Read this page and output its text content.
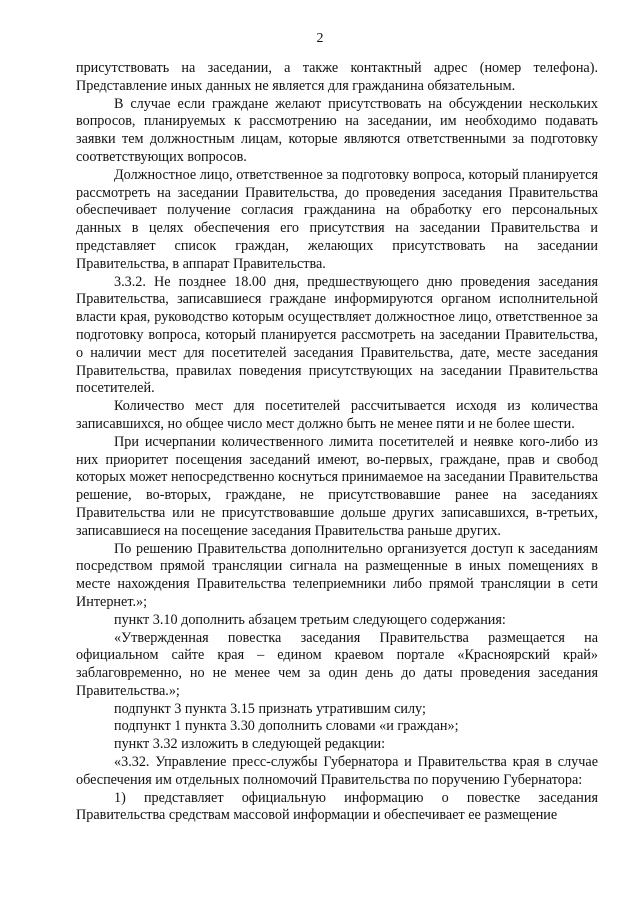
2

присутствовать на заседании, а также контактный адрес (номер телефона). Представление иных данных не является для гражданина обязательным.

В случае если граждане желают присутствовать на обсуждении нескольких вопросов, планируемых к рассмотрению на заседании, им необходимо подавать заявки тем должностным лицам, которые являются ответственными за подготовку соответствующих вопросов.

Должностное лицо, ответственное за подготовку вопроса, который планируется рассмотреть на заседании Правительства, до проведения заседания Правительства обеспечивает получение согласия гражданина на обработку его персональных данных в целях обеспечения его присутствия на заседании Правительства и представляет список граждан, желающих присутствовать на заседании Правительства, в аппарат Правительства.

3.3.2. Не позднее 18.00 дня, предшествующего дню проведения заседания Правительства, записавшиеся граждане информируются органом исполнительной власти края, руководство которым осуществляет должностное лицо, ответственное за подготовку вопроса, который планируется рассмотреть на заседании Правительства, о наличии мест для посетителей заседания Правительства, дате, месте заседания Правительства, правилах поведения присутствующих на заседании Правительства посетителей.

Количество мест для посетителей рассчитывается исходя из количества записавшихся, но общее число мест должно быть не менее пяти и не более шести.

При исчерпании количественного лимита посетителей и неявке кого-либо из них приоритет посещения заседаний имеют, во-первых, граждане, прав и свобод которых может непосредственно коснуться принимаемое на заседании Правительства решение, во-вторых, граждане, не присутствовавшие ранее на заседаниях Правительства или не присутствовавшие дольше других записавшихся, в-третьих, записавшиеся на посещение заседания Правительства раньше других.

По решению Правительства дополнительно организуется доступ к заседаниям посредством прямой трансляции сигнала на размещенные в иных помещениях в месте нахождения Правительства телеприемники либо прямой трансляции в сети Интернет.»;

пункт 3.10 дополнить абзацем третьим следующего содержания:

«Утвержденная повестка заседания Правительства размещается на официальном сайте края – едином краевом портале «Красноярский край» заблаговременно, но не менее чем за один день до даты проведения заседания Правительства.»;

подпункт 3 пункта 3.15 признать утратившим силу;

подпункт 1 пункта 3.30 дополнить словами «и граждан»;

пункт 3.32 изложить в следующей редакции:

«3.32. Управление пресс-службы Губернатора и Правительства края в случае обеспечения им отдельных полномочий Правительства по поручению Губернатора:

1) представляет официальную информацию о повестке заседания Правительства средствам массовой информации и обеспечивает ее размещение
